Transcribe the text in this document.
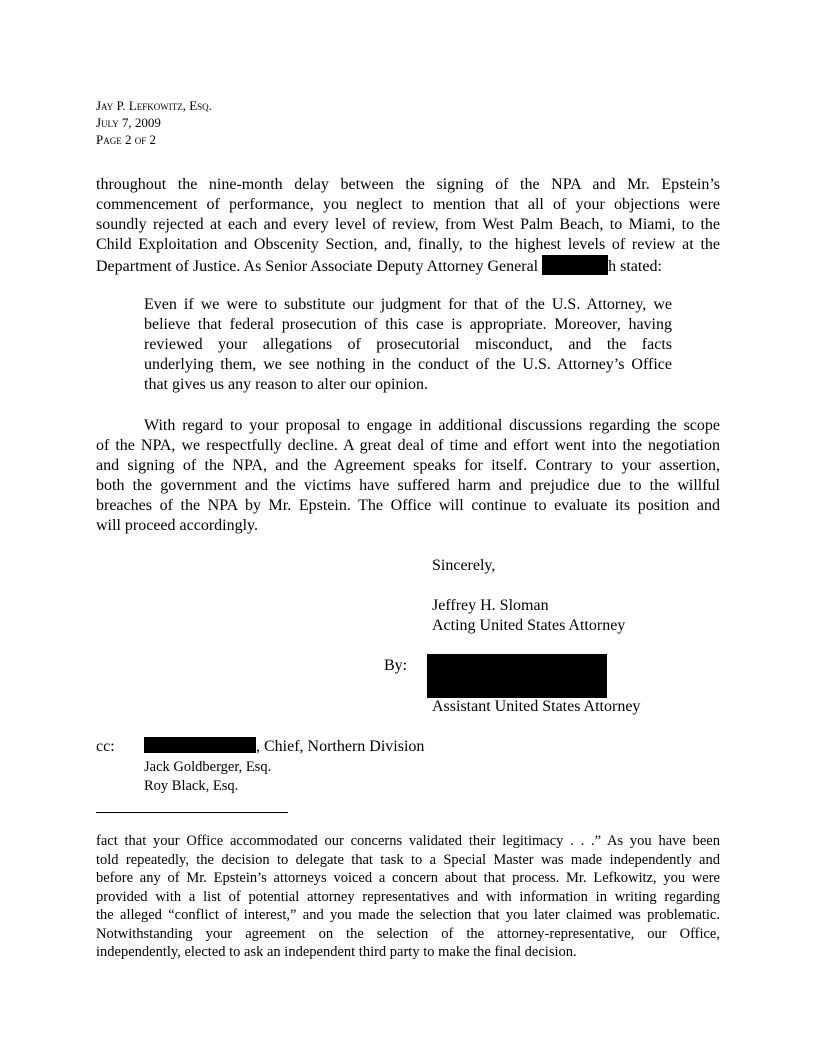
Jay P. Lefkowitz, Esq.
July 7, 2009
Page 2 of 2
throughout the nine-month delay between the signing of the NPA and Mr. Epstein’s
commencement of performance, you neglect to mention that all of your objections were
soundly rejected at each and every level of review, from West Palm Beach, to Miami, to the
Child Exploitation and Obscenity Section, and, finally, to the highest levels of review at the
Department of Justice. As Senior Associate Deputy Attorney General	h stated:
Even if we were to substitute our judgment for that of the U.S. Attorney, we
believe that federal prosecution of this case is appropriate. Moreover, having
reviewed your allegations of prosecutorial misconduct, and the facts
underlying them, we see nothing in the conduct of the U.S. Attorney’s Office
that gives us any reason to alter our opinion.
With regard to your proposal to engage in additional discussions regarding the scope
of the NPA, we respectfully decline. A great deal of time and effort went into the negotiation
and signing of the NPA, and the Agreement speaks for itself. Contrary to your assertion,
both the government and the victims have suffered harm and prejudice due to the willful
breaches of the NPA by Mr. Epstein. The Office will continue to evaluate its position and
will proceed accordingly.
Sincerely,
Jeffrey H. Sloman
Acting United States Attorney
By:
Assistant United States Attorney
cc:	, Chief, Northern Division
Jack Goldberger, Esq.
Roy Black, Esq.
fact that your Office accommodated our concerns validated their legitimacy . . .” As you have been
told repeatedly, the decision to delegate that task to a Special Master was made independently and
before any of Mr. Epstein’s attorneys voiced a concern about that process. Mr. Lefkowitz, you were
provided with a list of potential attorney representatives and with information in writing regarding
the alleged “conflict of interest,” and you made the selection that you later claimed was problematic.
Notwithstanding your agreement on the selection of the attorney-representative, our Office,
independently, elected to ask an independent third party to make the final decision.
